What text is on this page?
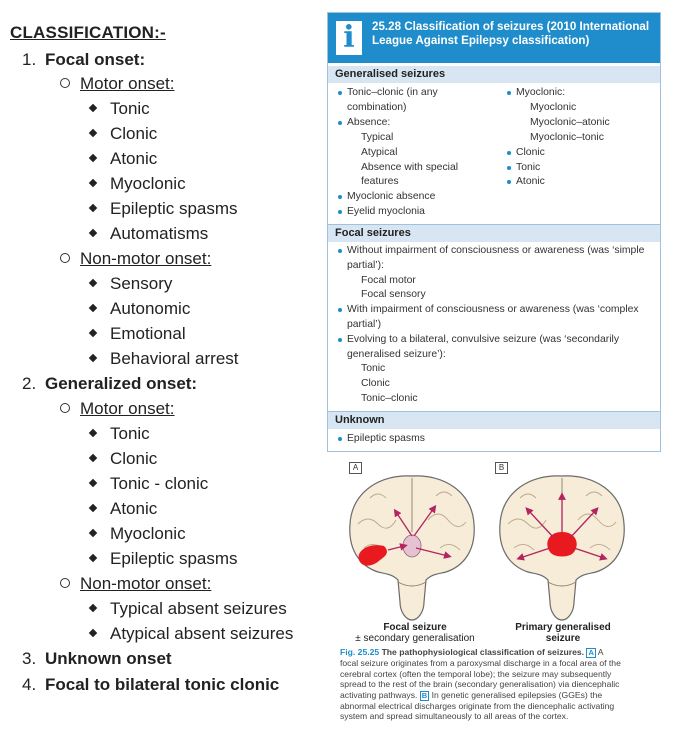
CLASSIFICATION:-
1. Focal onset:
Motor onset:
Tonic
Clonic
Atonic
Myoclonic
Epileptic spasms
Automatisms
Non-motor onset:
Sensory
Autonomic
Emotional
Behavioral arrest
2. Generalized onset:
Motor onset:
Tonic
Clonic
Tonic - clonic
Atonic
Myoclonic
Epileptic spasms
Non-motor onset:
Typical absent seizures
Atypical absent seizures
3. Unknown onset
4. Focal to bilateral tonic clonic
i	25.28 Classification of seizures (2010 International
League Against Epilepsy classification)
Generalised seizures
Tonic–clonic (in any
combination)
Absence:
Typical
Atypical
Absence with special
features
Myoclonic absence
Eyelid myoclonia
Myoclonic:
Myoclonic
Myoclonic–atonic
Myoclonic–tonic
Clonic
Tonic
Atonic
Focal seizures
Without impairment of consciousness or awareness (was ‘simple
partial’):
Focal motor
Focal sensory
With impairment of consciousness or awareness (was ‘complex
partial’)
Evolving to a bilateral, convulsive seizure (was ‘secondarily
generalised seizure’):
Tonic
Clonic
Tonic–clonic
Unknown
Epileptic spasms
A	B
Focal seizure
± secondary generalisation
Primary generalised
seizure
Fig. 25.25 The pathophysiological classification of seizures. A A
focal seizure originates from a paroxysmal discharge in a focal area of the
cerebral cortex (often the temporal lobe); the seizure may subsequently
spread to the rest of the brain (secondary generalisation) via diencephalic
activating pathways. B In genetic generalised epilepsies (GGEs) the
abnormal electrical discharges originate from the diencephalic activating
system and spread simultaneously to all areas of the cortex.
